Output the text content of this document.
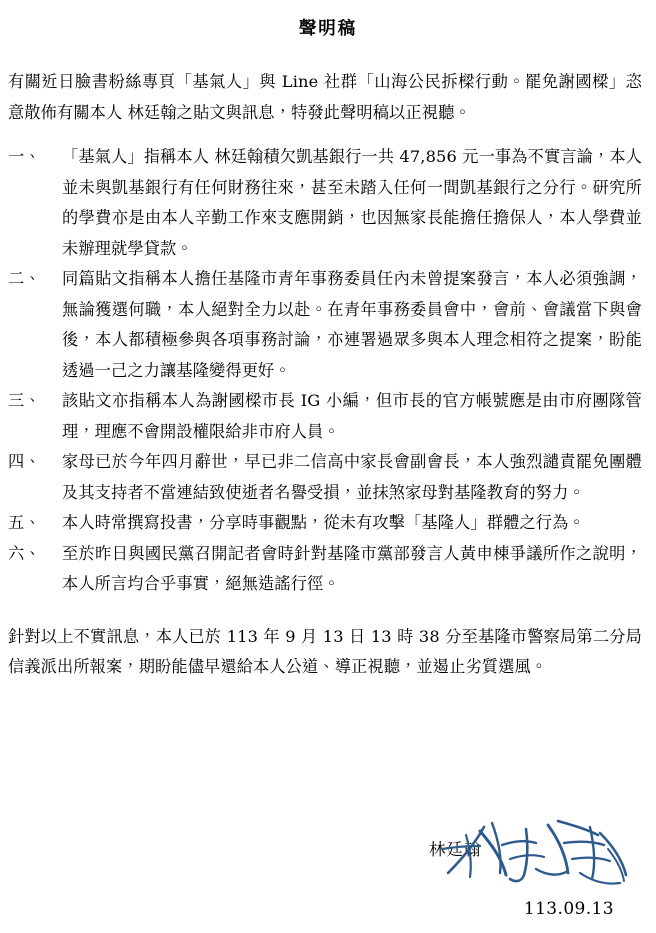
聲明稿

有關近日臉書粉絲專頁「基氣人」與 Line 社群「山海公民拆樑行動。罷免謝國樑」恣意散佈有關本人 林廷翰之貼文與訊息，特發此聲明稿以正視聽。

一、	「基氣人」指稱本人 林廷翰積欠凱基銀行一共 47,856 元一事為不實言論，本人並未與凱基銀行有任何財務往來，甚至未踏入任何一間凱基銀行之分行。研究所的學費亦是由本人辛勤工作來支應開銷，也因無家長能擔任擔保人，本人學費並未辦理就學貸款。
二、	同篇貼文指稱本人擔任基隆市青年事務委員任內未曾提案發言，本人必須強調，無論獲選何職，本人絕對全力以赴。在青年事務委員會中，會前、會議當下與會後，本人都積極參與各項事務討論，亦連署過眾多與本人理念相符之提案，盼能透過一己之力讓基隆變得更好。
三、	該貼文亦指稱本人為謝國樑市長 IG 小編，但市長的官方帳號應是由市府團隊管理，理應不會開設權限給非市府人員。
四、	家母已於今年四月辭世，早已非二信高中家長會副會長，本人強烈譴責罷免團體及其支持者不當連結致使逝者名譽受損，並抹煞家母對基隆教育的努力。
五、	本人時常撰寫投書，分享時事觀點，從未有攻擊「基隆人」群體之行為。
六、	至於昨日與國民黨召開記者會時針對基隆市黨部發言人黃申棟爭議所作之說明，本人所言均合乎事實，絕無造謠行徑。

針對以上不實訊息，本人已於 113 年 9 月 13 日 13 時 38 分至基隆市警察局第二分局信義派出所報案，期盼能儘早還給本人公道、導正視聽，並遏止劣質選風。

林廷翰
113.09.13
